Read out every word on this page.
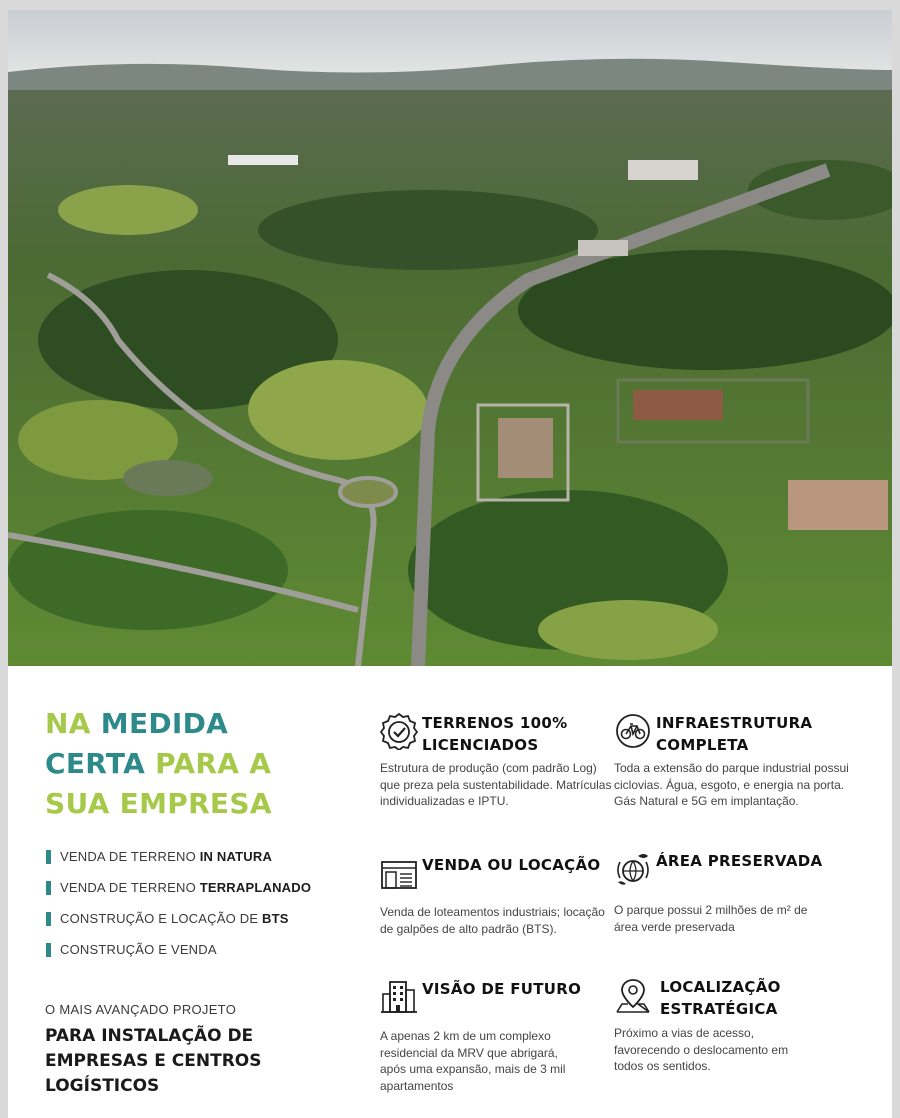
NA MEDIDA
CERTA PARA A
SUA EMPRESA
VENDA DE TERRENO IN NATURA
VENDA DE TERRENO TERRAPLANADO
CONSTRUÇÃO E LOCAÇÃO DE BTS
CONSTRUÇÃO E VENDA
O MAIS AVANÇADO PROJETO
PARA INSTALAÇÃO DE EMPRESAS E CENTROS LOGÍSTICOS
TERRENOS 100% LICENCIADOS
Estrutura de produção (com padrão Log) que preza pela sustentabilidade. Matrículas individualizadas e IPTU.
INFRAESTRUTURA COMPLETA
Toda a extensão do parque industrial possui ciclovias. Água, esgoto, e energia na porta. Gás Natural e 5G em implantação.
VENDA OU LOCAÇÃO
Venda de loteamentos industriais; locação de galpões de alto padrão (BTS).
ÁREA PRESERVADA
O parque possui 2 milhões de m² de área verde preservada
VISÃO DE FUTURO
A apenas 2 km de um complexo residencial da MRV que abrigará, após uma expansão, mais de 3 mil apartamentos
LOCALIZAÇÃO ESTRATÉGICA
Próximo a vias de acesso, favorecendo o deslocamento em todos os sentidos.
